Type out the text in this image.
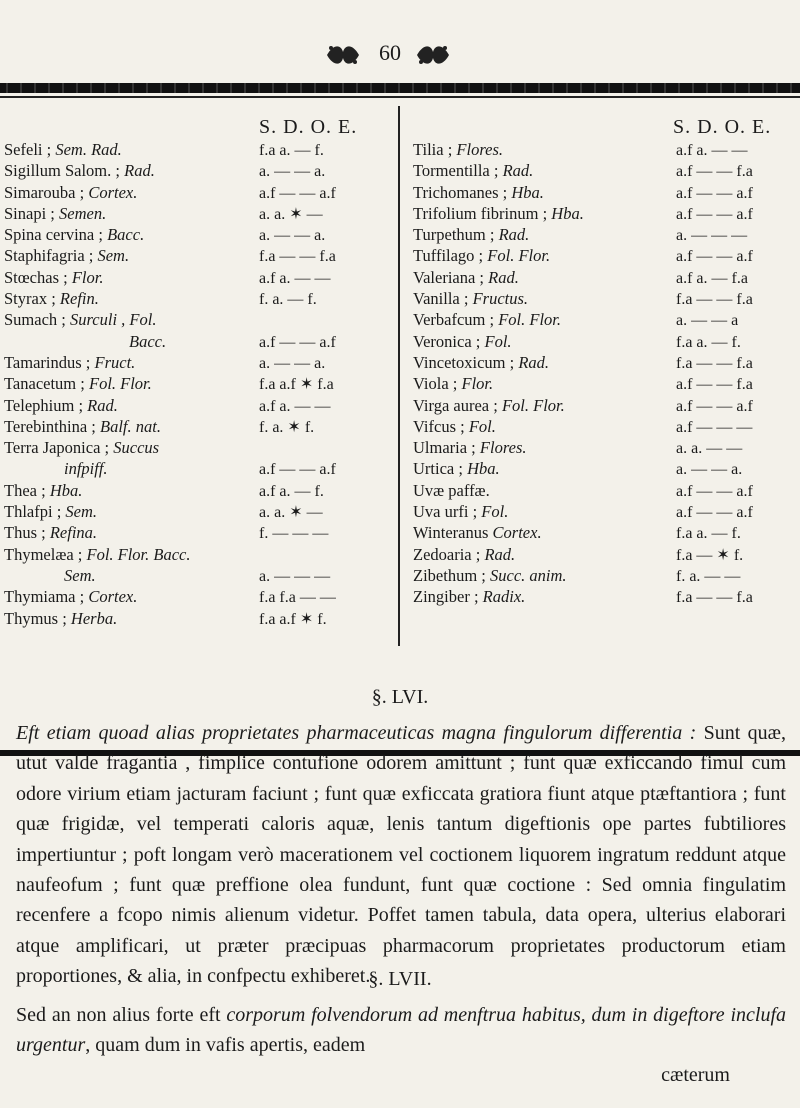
60
S. D. O. E.
Sefeli ; Sem. Rad.	f.a a. — f.
Sigillum Salom. ; Rad.	a. — — a.
Simarouba ; Cortex.	a.f — — a.f
Sinapi ; Semen.	a. a. ✶ —
Spina cervina ; Bacc.	a. — — a.
Staphifagria ; Sem.	f.a — — f.a
Stœchas ; Flor.	a.f a. — —
Styrax ; Refin.	f. a. — f.
Sumach ; Surculi , Fol.
Bacc.	a.f — — a.f
Tamarindus ; Fruct.	a. — — a.
Tanacetum ; Fol. Flor.	f.a a.f ✶ f.a
Telephium ; Rad.	a.f a. — —
Terebinthina ; Balf. nat.	f. a. ✶ f.
Terra Japonica ; Succus
infpiff.	a.f — — a.f
Thea ; Hba.	a.f a. — f.
Thlafpi ; Sem.	a. a. ✶ —
Thus ; Refina.	f. — — —
Thymelæa ; Fol. Flor. Bacc.
Sem.	a. — — —
Thymiama ; Cortex.	f.a f.a — —
Thymus ; Herba.	f.a a.f ✶ f.
S. D. O. E.
Tilia ; Flores.	a.f a. — —
Tormentilla ; Rad.	a.f — — f.a
Trichomanes ; Hba.	a.f — — a.f
Trifolium fibrinum ; Hba.	a.f — — a.f
Turpethum ; Rad.	a. — — —
Tuffilago ; Fol. Flor.	a.f — — a.f
Valeriana ; Rad.	a.f a. — f.a
Vanilla ; Fructus.	f.a — — f.a
Verbafcum ; Fol. Flor.	a. — — a
Veronica ; Fol.	f.a a. — f.
Vincetoxicum ; Rad.	f.a — — f.a
Viola ; Flor.	a.f — — f.a
Virga aurea ; Fol. Flor.	a.f — — a.f
Vifcus ; Fol.	a.f — — —
Ulmaria ; Flores.	a. a. — —
Urtica ; Hba.	a. — — a.
Uvæ paffæ.	a.f — — a.f
Uva urfi ; Fol.	a.f — — a.f
Winteranus Cortex.	f.a a. — f.
Zedoaria ; Rad.	f.a — ✶ f.
Zibethum ; Succ. anim.	f. a. — —
Zingiber ; Radix.	f.a — — f.a
§. LVI.

Eft etiam quoad alias proprietates pharmaceuticas magna fingulorum differentia : Sunt quæ, utut valde fragantia , fimplice contufione odorem amittunt ; funt quæ exficcando fimul cum odore virium etiam jacturam faciunt ; funt quæ exficcata gratiora fiunt atque ptæftantiora ; funt quæ frigidæ, vel temperati caloris aquæ, lenis tantum digeftionis ope partes fubtiliores impertiuntur ; poft longam verò macerationem vel coctionem liquorem ingratum reddunt atque naufeofum ; funt quæ preffione olea fundunt, funt quæ coctione : Sed omnia fingulatim recenfere a fcopo nimis alienum videtur. Poffet tamen tabula, data opera, ulterius elaborari atque amplificari, ut præter præcipuas pharmacorum proprietates productorum etiam proportiones, & alia, in confpectu exhiberet.

§. LVII.

Sed an non alius forte eft corporum folvendorum ad menftrua habitus, dum in digeftore inclufa urgentur, quam dum in vafis apertis, eadem

cæterum
